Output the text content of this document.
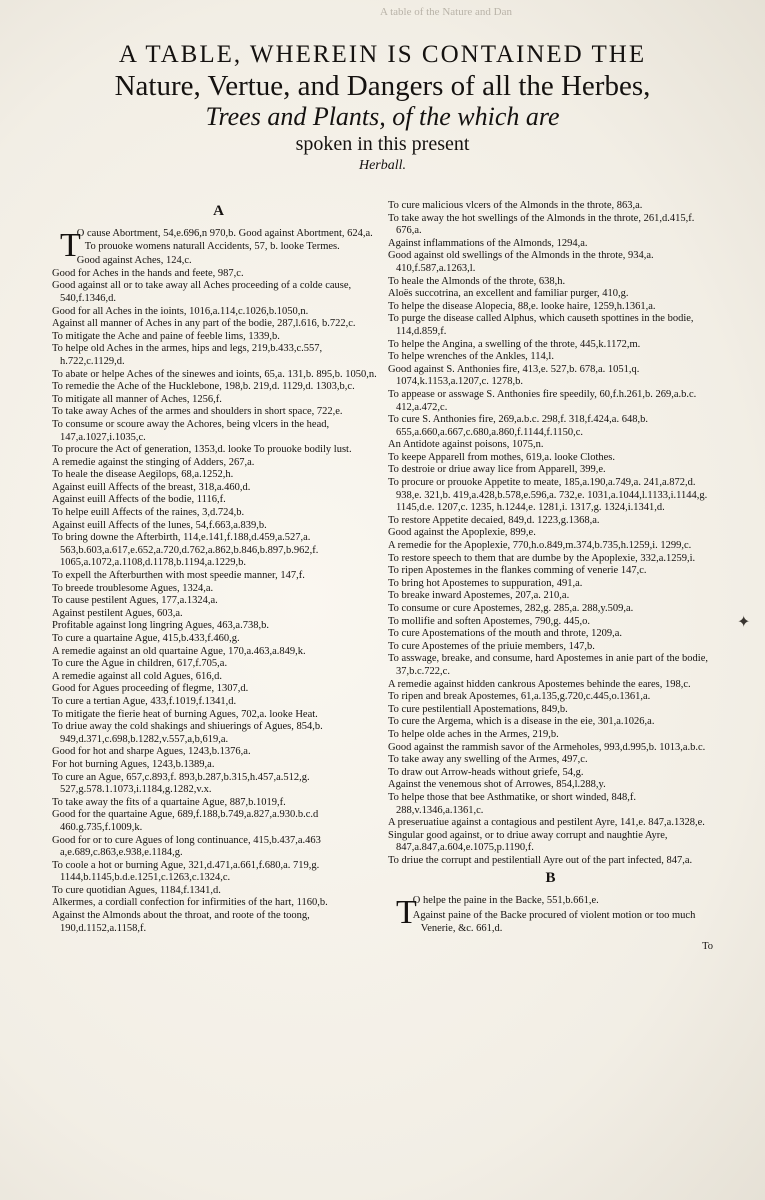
A table of the Nature and Dan
A TABLE, WHEREIN IS CONTAINED THE
Nature, Vertue, and Dangers of all the Herbes,
Trees and Plants, of the which are
spoken in this present
Herball.
A

T
O cause Abortment, 54,e.696,n 970,b. Good against Abortment, 624,a. To prouoke womens naturall Accidents, 57, b. looke Termes.

Good against Aches, 124,c.

Good for Aches in the hands and feete, 987,c.

Good against all or to take away all Aches proceeding of a colde cause, 540,f.1346,d.

Good for all Aches in the ioints, 1016,a.114,c.1026,b.1050,n.

Against all manner of Aches in any part of the bodie, 287,l.616, b.722,c.

To mitigate the Ache and paine of feeble lims, 1339,b.

To helpe old Aches in the armes, hips and legs, 219,b.433,c.557, h.722,c.1129,d.

To abate or helpe Aches of the sinewes and ioints, 65,a. 131,b. 895,b. 1050,n.

To remedie the Ache of the Hucklebone, 198,b. 219,d. 1129,d. 1303,b,c.

To mitigate all manner of Aches, 1256,f.

To take away Aches of the armes and shoulders in short space, 722,e.

To consume or scoure away the Achores, being vlcers in the head, 147,a.1027,i.1035,c.

To procure the Act of generation, 1353,d. looke To prouoke bodily lust.

A remedie against the stinging of Adders, 267,a.

To heale the disease Aegilops, 68,a.1252,h.

Against euill Affects of the breast, 318,a.460,d.

Against euill Affects of the bodie, 1116,f.

To helpe euill Affects of the raines, 3,d.724,b.

Against euill Affects of the lunes, 54,f.663,a.839,b.

To bring downe the Afterbirth, 114,e.141,f.188,d.459,a.527,a. 563,b.603,a.617,e.652,a.720,d.762,a.862,b.846,b.897,b.962,f. 1065,a.1072,a.1108,d.1178,b.1194,a.1229,b.

To expell the Afterburthen with most speedie manner, 147,f.

To breede troublesome Agues, 1324,a.

To cause pestilent Agues, 177,a.1324,a.

Against pestilent Agues, 603,a.

Profitable against long lingring Agues, 463,a.738,b.

To cure a quartaine Ague, 415,b.433,f.460,g.

A remedie against an old quartaine Ague, 170,a.463,a.849,k.

To cure the Ague in children, 617,f.705,a.

A remedie against all cold Agues, 616,d.

Good for Agues proceeding of flegme, 1307,d.

To cure a tertian Ague, 433,f.1019,f.1341,d.

To mitigate the fierie heat of burning Agues, 702,a. looke Heat.

To driue away the cold shakings and shiuerings of Agues, 854,b. 949,d.371,c.698,b.1282,v.557,a,b,619,a.

Good for hot and sharpe Agues, 1243,b.1376,a.

For hot burning Agues, 1243,b.1389,a.

To cure an Ague, 657,c.893,f. 893,b.287,b.315,h.457,a.512,g. 527,g.578.1.1073,i.1184,g.1282,v.x.

To take away the fits of a quartaine Ague, 887,b.1019,f.

Good for the quartaine Ague, 689,f.188,b.749,a.827,a.930.b.c.d 460.g.735,f.1009,k.

Good for or to cure Agues of long continuance, 415,b.437,a.463 a,e.689,c.863,e.938,e.1184,g.

To coole a hot or burning Ague, 321,d.471,a.661,f.680,a. 719,g. 1144,b.1145,b.d.e.1251,c.1263,c.1324,c.

To cure quotidian Agues, 1184,f.1341,d.

Alkermes, a cordiall confection for infirmities of the hart, 1160,b.

Against the Almonds about the throat, and roote of the toong, 190,d.1152,a.1158,f.

To cure malicious vlcers of the Almonds in the throte, 863,a.

To take away the hot swellings of the Almonds in the throte, 261,d.415,f. 676,a.

Against inflammations of the Almonds, 1294,a.

Good against old swellings of the Almonds in the throte, 934,a. 410,f.587,a.1263,l.

To heale the Almonds of the throte, 638,h.

Aloës succotrina, an excellent and familiar purger, 410,g.

To helpe the disease Alopecia, 88,e. looke haire, 1259,h.1361,a.

To purge the disease called Alphus, which causeth spottines in the bodie, 114,d.859,f.

To helpe the Angina, a swelling of the throte, 445,k.1172,m.

To helpe wrenches of the Ankles, 114,l.

Good against S. Anthonies fire, 413,e. 527,b. 678,a. 1051,q. 1074,k.1153,a.1207,c. 1278,b.

To appease or asswage S. Anthonies fire speedily, 60,f.h.261,b. 269,a.b.c. 412,a.472,c.

To cure S. Anthonies fire, 269,a.b.c. 298,f. 318,f.424,a. 648,b. 655,a.660,a.667,c.680,a.860,f.1144,f.1150,c.

An Antidote against poisons, 1075,n.

To keepe Apparell from mothes, 619,a. looke Clothes.

To destroie or driue away lice from Apparell, 399,e.

To procure or prouoke Appetite to meate, 185,a.190,a.749,a. 241,a.872,d. 938,e. 321,b. 419,a.428,b.578,e.596,a. 732,e. 1031,a.1044,l.1133,i.1144,g. 1145,d.e. 1207,c. 1235, h.1244,e. 1281,i. 1317,g. 1324,i.1341,d.

To restore Appetite decaied, 849,d. 1223,g.1368,a.

Good against the Apoplexie, 899,e.

A remedie for the Apoplexie, 770,h.o.849,m.374,b.735,h.1259,i. 1299,c.

To restore speech to them that are dumbe by the Apoplexie, 332,a.1259,i.

To ripen Apostemes in the flankes comming of venerie 147,c.

To bring hot Apostemes to suppuration, 491,a.

To breake inward Apostemes, 207,a. 210,a.

To consume or cure Apostemes, 282,g. 285,a. 288,y.509,a.

To mollifie and soften Apostemes, 790,g. 445,o.

To cure Apostemations of the mouth and throte, 1209,a.

To cure Apostemes of the priuie members, 147,b.

To asswage, breake, and consume, hard Apostemes in anie part of the bodie, 37,b.c.722,c.

A remedie against hidden cankrous Apostemes behinde the eares, 198,c.

To ripen and break Apostemes, 61,a.135,g.720,c.445,o.1361,a.

To cure pestilentiall Apostemations, 849,b.

To cure the Argema, which is a disease in the eie, 301,a.1026,a.

To helpe olde aches in the Armes, 219,b.

Good against the rammish savor of the Armeholes, 993,d.995,b. 1013,a.b.c.

To take away any swelling of the Armes, 497,c.

To draw out Arrow-heads without griefe, 54,g.

Against the venemous shot of Arrowes, 854,l.288,y.

To helpe those that bee Asthmatike, or short winded, 848,f. 288,v.1346,a.1361,c.

A preseruatiue against a contagious and pestilent Ayre, 141,e. 847,a.1328,e.

Singular good against, or to driue away corrupt and naughtie Ayre, 847,a.847,a.604,e.1075,p.1190,f.

To driue the corrupt and pestilentiall Ayre out of the part infected, 847,a.

B

T
O helpe the paine in the Backe, 551,b.661,e.

Against paine of the Backe procured of violent motion or too much Venerie, &c. 661,d.

To
✦
